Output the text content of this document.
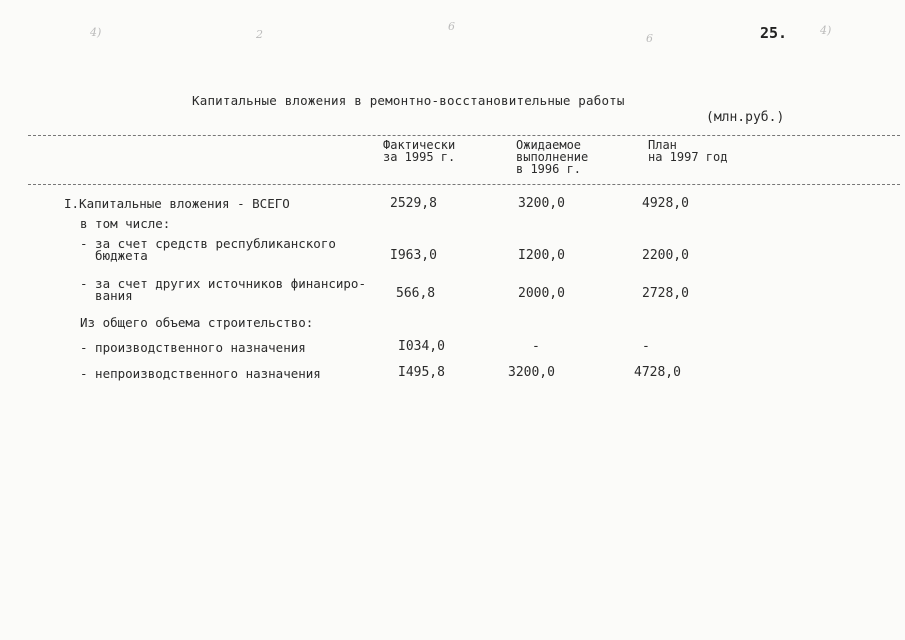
4)	2
6
6
4)
25.
Капитальные вложения в ремонтно-восстановительные работы
(млн.руб.)
Фактически
за 1995 г.
Ожидаемое
выполнение
в 1996 г.
План
на 1997 год
I.Капитальные вложения - ВСЕГО	2529,8	3200,0	4928,0
в том числе:
- за счет средств республиканского
бюджета	I963,0	I200,0	2200,0
- за счет других источников финансиро-
вания	566,8	2000,0	2728,0
Из общего объема строительство:
- производственного назначения	I034,0	-	-
- непроизводственного назначения	I495,8	3200,0	4728,0
